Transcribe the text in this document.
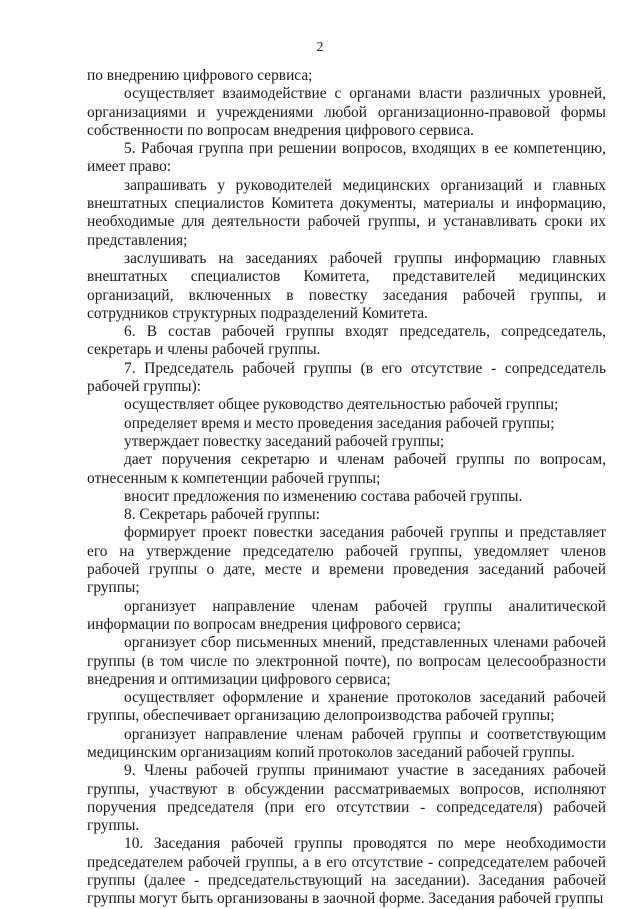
2

по внедрению цифрового сервиса;

осуществляет взаимодействие с органами власти различных уровней, организациями и учреждениями любой организационно-правовой формы собственности по вопросам внедрения цифрового сервиса.

5. Рабочая группа при решении вопросов, входящих в ее компетенцию, имеет право:

запрашивать у руководителей медицинских организаций и главных внештатных специалистов Комитета документы, материалы и информацию, необходимые для деятельности рабочей группы, и устанавливать сроки их представления;

заслушивать на заседаниях рабочей группы информацию главных внештатных специалистов Комитета, представителей медицинских организаций, включенных в повестку заседания рабочей группы, и сотрудников структурных подразделений Комитета.

6. В состав рабочей группы входят председатель, сопредседатель, секретарь и члены рабочей группы.

7. Председатель рабочей группы (в его отсутствие - сопредседатель рабочей группы):

осуществляет общее руководство деятельностью рабочей группы;

определяет время и место проведения заседания рабочей группы;

утверждает повестку заседаний рабочей группы;

дает поручения секретарю и членам рабочей группы по вопросам, отнесенным к компетенции рабочей группы;

вносит предложения по изменению состава рабочей группы.

8. Секретарь рабочей группы:

формирует проект повестки заседания рабочей группы и представляет его на утверждение председателю рабочей группы, уведомляет членов рабочей группы о дате, месте и времени проведения заседаний рабочей группы;

организует направление членам рабочей группы аналитической информации по вопросам внедрения цифрового сервиса;

организует сбор письменных мнений, представленных членами рабочей группы (в том числе по электронной почте), по вопросам целесообразности внедрения и оптимизации цифрового сервиса;

осуществляет оформление и хранение протоколов заседаний рабочей группы, обеспечивает организацию делопроизводства рабочей группы;

организует направление членам рабочей группы и соответствующим медицинским организациям копий протоколов заседаний рабочей группы.

9. Члены рабочей группы принимают участие в заседаниях рабочей группы, участвуют в обсуждении рассматриваемых вопросов, исполняют поручения председателя (при его отсутствии - сопредседателя) рабочей группы.

10. Заседания рабочей группы проводятся по мере необходимости председателем рабочей группы, а в его отсутствие - сопредседателем рабочей группы (далее - председательствующий на заседании). Заседания рабочей группы могут быть организованы в заочной форме. Заседания рабочей группы
